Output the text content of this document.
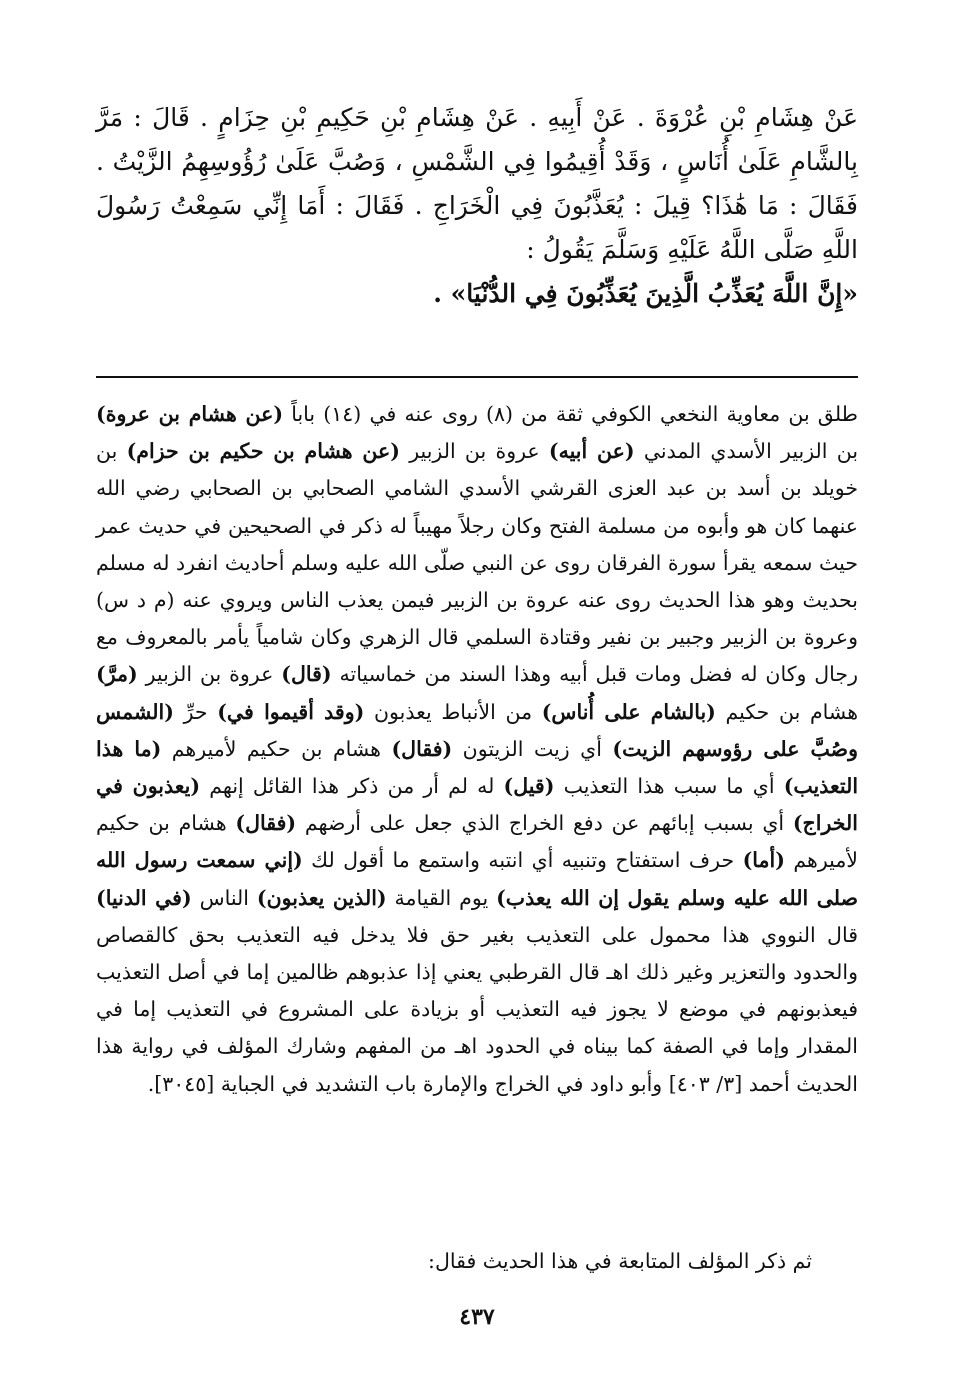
عَنْ هِشَامِ بْنِ عُرْوَةَ . عَنْ أَبِيهِ . عَنْ هِشَامِ بْنِ حَكِيمِ بْنِ حِزَامٍ . قَالَ : مَرَّ بِالشَّامِ عَلَىٰ أُنَاسٍ ، وَقَدْ أُقِيمُوا فِي الشَّمْسِ ، وَصُبَّ عَلَىٰ رُؤُوسِهِمُ الزَّيْتُ . فَقَالَ : مَا هَٰذَا؟ قِيلَ : يُعَذَّبُونَ فِي الْخَرَاجِ . فَقَالَ : أَمَا إِنِّي سَمِعْتُ رَسُولَ اللَّهِ صَلَّى اللَّهُ عَلَيْهِ وَسَلَّمَ يَقُولُ :
«إِنَّ اللَّهَ يُعَذِّبُ الَّذِينَ يُعَذِّبُونَ فِي الدُّنْيَا» .

طلق بن معاوية النخعي الكوفي ثقة من (٨) روى عنه في (١٤) باباً (عن هشام بن عروة) بن الزبير الأسدي المدني (عن أبيه) عروة بن الزبير (عن هشام بن حكيم بن حزام) بن خويلد بن أسد بن عبد العزى القرشي الأسدي الشامي الصحابي بن الصحابي رضي الله عنهما كان هو وأبوه من مسلمة الفتح وكان رجلاً مهيباً له ذكر في الصحيحين في حديث عمر حيث سمعه يقرأ سورة الفرقان روى عن النبي صلّى الله عليه وسلم أحاديث انفرد له مسلم بحديث وهو هذا الحديث روى عنه عروة بن الزبير فيمن يعذب الناس ويروي عنه (م د س) وعروة بن الزبير وجبير بن نفير وقتادة السلمي قال الزهري وكان شامياً يأمر بالمعروف مع رجال وكان له فضل ومات قبل أبيه وهذا السند من خماسياته (قال) عروة بن الزبير (مرَّ) هشام بن حكيم (بالشام على أُناس) من الأنباط يعذبون (وقد أقيموا في) حرِّ (الشمس وصُبَّ على رؤوسهم الزيت) أي زيت الزيتون (فقال) هشام بن حكيم لأميرهم (ما هذا التعذيب) أي ما سبب هذا التعذيب (قيل) له لم أر من ذكر هذا القائل إنهم (يعذبون في الخراج) أي بسبب إبائهم عن دفع الخراج الذي جعل على أرضهم (فقال) هشام بن حكيم لأميرهم (أما) حرف استفتاح وتنبيه أي انتبه واستمع ما أقول لك (إني سمعت رسول الله صلى الله عليه وسلم يقول إن الله يعذب) يوم القيامة (الذين يعذبون) الناس (في الدنيا) قال النووي هذا محمول على التعذيب بغير حق فلا يدخل فيه التعذيب بحق كالقصاص والحدود والتعزير وغير ذلك اهـ قال القرطبي يعني إذا عذبوهم ظالمين إما في أصل التعذيب فيعذبونهم في موضع لا يجوز فيه التعذيب أو بزيادة على المشروع في التعذيب إما في المقدار وإما في الصفة كما بيناه في الحدود اهـ من المفهم وشارك المؤلف في رواية هذا الحديث أحمد [٣/ ٤٠٣] وأبو داود في الخراج والإمارة باب التشديد في الجباية [٣٠٤٥].

ثم ذكر المؤلف المتابعة في هذا الحديث فقال:
٤٣٧
